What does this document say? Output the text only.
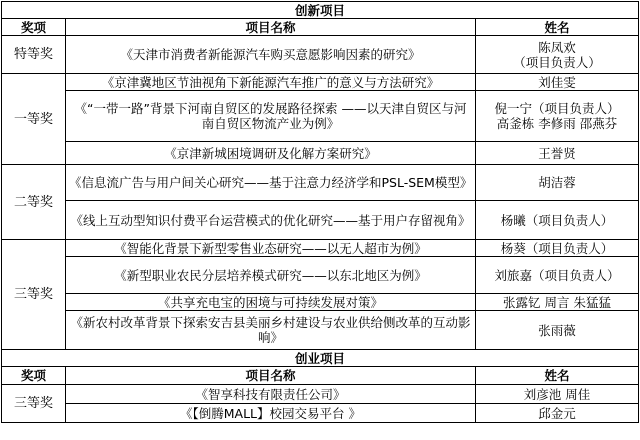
创新项目		
奖项	项目名称	姓名
特等奖	《天津市消费者新能源汽车购买意愿影响因素的研究》	陈凤欢
（项目负责人）
一等奖	《京津冀地区节油视角下新能源汽车推广的意义与方法研究》	刘佳雯
	《“一带一路”背景下河南自贸区的发展路径探索 ——以天津自贸区与河南自贸区物流产业为例》	倪一宁（项目负责人）
高釜栋 李修雨 邵燕芬
	《京津新城困境调研及化解方案研究》	王誉贤
二等奖	《信息流广告与用户间关心研究——基于注意力经济学和PSL-SEM模型》	胡洁蓉
	《线上互动型知识付费平台运营模式的优化研究——基于用户存留视角》	杨曦（项目负责人）
三等奖	《智能化背景下新型零售业态研究——以无人超市为例》	杨葵（项目负责人）
	《新型职业农民分层培养模式研究——以东北地区为例》	刘旅嘉（项目负责人）
	《共享充电宝的困境与可持续发展对策》	张露钇 周言 朱猛猛
	《新农村改革背景下探索安吉县美丽乡村建设与农业供给侧改革的互动影响》	张雨薇
创业项目		
奖项	项目名称	姓名
三等奖	《智享科技有限责任公司》	刘彦池 周佳
	《【倒腾MALL】校园交易平台 》	邱金元
